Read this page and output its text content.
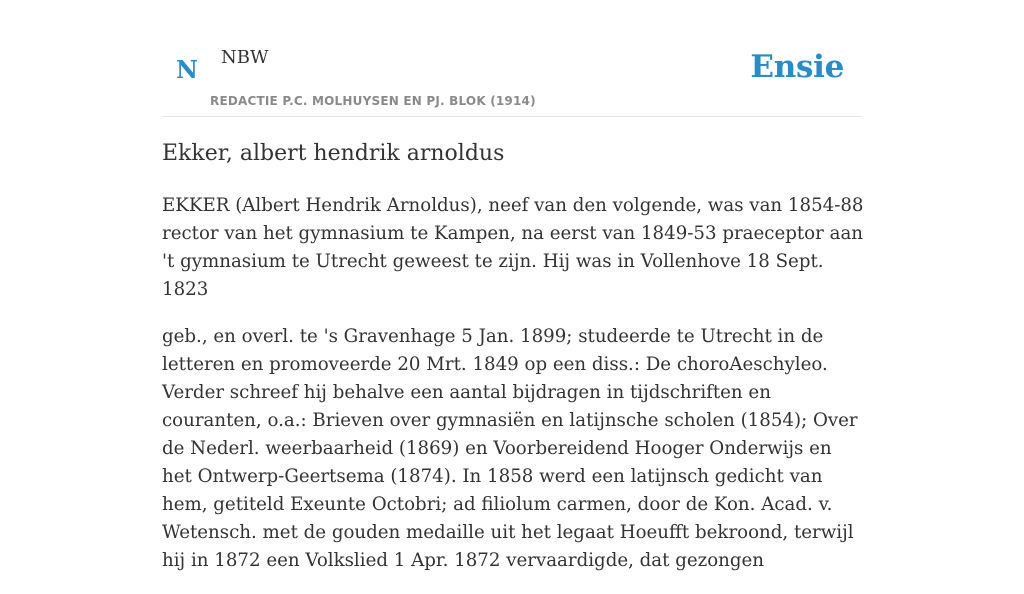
N NBW
REDACTIE P.C. MOLHUYSEN EN PJ. BLOK (1914)
Ensie
Ekker, albert hendrik arnoldus

EKKER (Albert Hendrik Arnoldus), neef van den volgende, was van 1854-88 rector van het gymnasium te Kampen, na eerst van 1849-53 praeceptor aan 't gymnasium te Utrecht geweest te zijn. Hij was in Vollenhove 18 Sept. 1823

geb., en overl. te 's Gravenhage 5 Jan. 1899; studeerde te Utrecht in de letteren en promoveerde 20 Mrt. 1849 op een diss.: De choroAeschyleo. Verder schreef hij behalve een aantal bijdragen in tijdschriften en couranten, o.a.: Brieven over gymnasiën en latijnsche scholen (1854); Over de Nederl. weerbaarheid (1869) en Voorbereidend Hooger Onderwijs en het Ontwerp-Geertsema (1874). In 1858 werd een latijnsch gedicht van hem, getiteld Exeunte Octobri; ad filiolum carmen, door de Kon. Acad. v. Wetensch. met de gouden medaille uit het legaat Hoeufft bekroond, terwijl hij in 1872 een Volkslied 1 Apr. 1872 vervaardigde, dat gezongen
